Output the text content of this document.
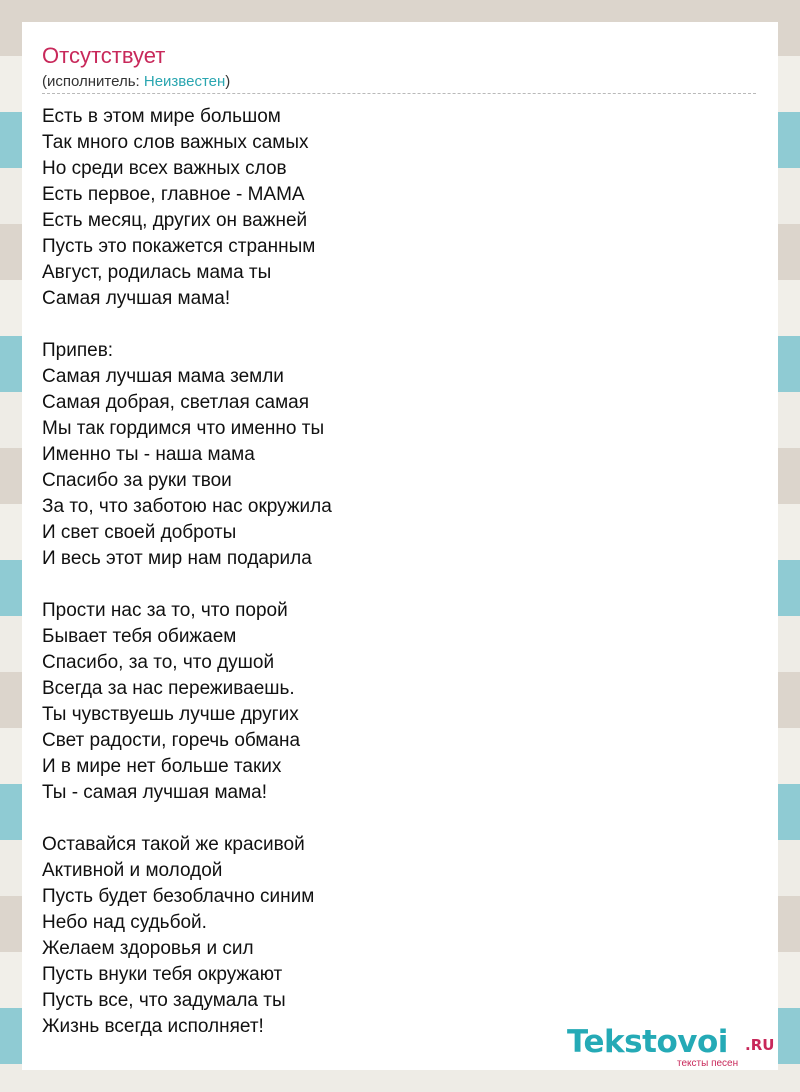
Отсутствует
(исполнитель: Неизвестен)
Есть в этом мире большом
Так много слов важных самых
Но среди всех важных слов
Есть первое, главное - МАМА
Есть месяц, других он важней
Пусть это покажется странным
Август, родилась мама ты
Самая лучшая мама!

Припев:
Самая лучшая мама земли
Самая добрая, светлая самая
Мы так гордимся что именно ты
Именно ты - наша мама
Спасибо за руки твои
За то, что заботою нас окружила
И свет своей доброты
И весь этот мир нам подарила

Прости нас за то, что порой
Бывает тебя обижаем
Спасибо, за то, что душой
Всегда за нас переживаешь.
Ты чувствуешь лучше других
Свет радости, горечь обмана
И в мире нет больше таких
Ты - самая лучшая мама!

Оставайся такой же красивой
Активной и молодой
Пусть будет безоблачно синим
Небо над судьбой.
Желаем здоровья и сил
Пусть внуки тебя окружают
Пусть все, что задумала ты
Жизнь всегда исполняет!	Tekstovoi .RU
тексты песен
